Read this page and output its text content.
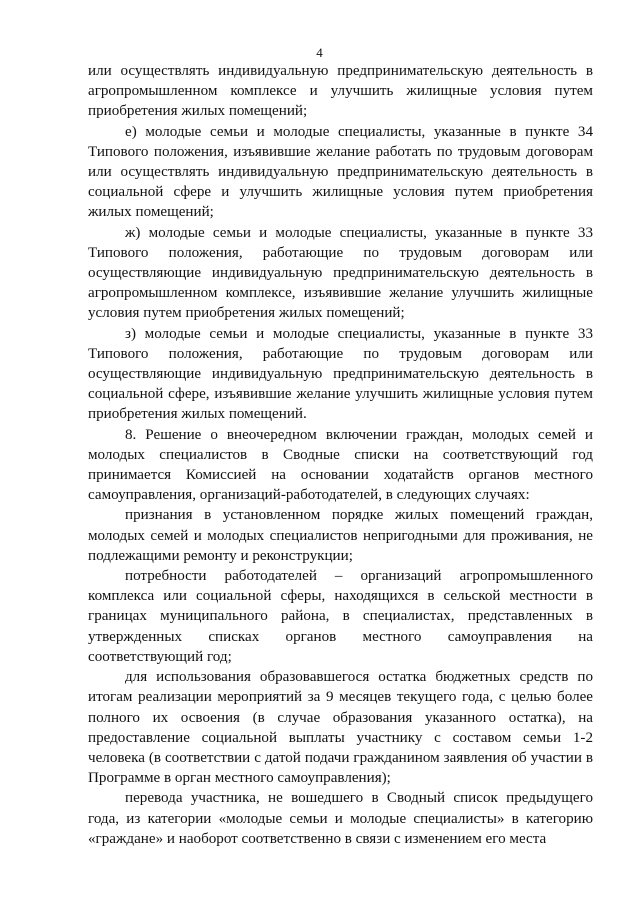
4

или осуществлять индивидуальную предпринимательскую деятельность в агропромышленном комплексе и улучшить жилищные условия путем приобретения жилых помещений;

е) молодые семьи и молодые специалисты, указанные в пункте 34 Типового положения, изъявившие желание работать по трудовым договорам или осуществлять индивидуальную предпринимательскую деятельность в социальной сфере и улучшить жилищные условия путем приобретения жилых помещений;

ж) молодые семьи и молодые специалисты, указанные в пункте 33 Типового положения, работающие по трудовым договорам или осуществляющие индивидуальную предпринимательскую деятельность в агропромышленном комплексе, изъявившие желание улучшить жилищные условия путем приобретения жилых помещений;

з) молодые семьи и молодые специалисты, указанные в пункте 33 Типового положения, работающие по трудовым договорам или осуществляющие индивидуальную предпринимательскую деятельность в социальной сфере, изъявившие желание улучшить жилищные условия путем приобретения жилых помещений.

8. Решение о внеочередном включении граждан, молодых семей и молодых специалистов в Сводные списки на соответствующий год принимается Комиссией на основании ходатайств органов местного самоуправления, организаций-работодателей, в следующих случаях:

признания в установленном порядке жилых помещений граждан, молодых семей и молодых специалистов непригодными для проживания, не подлежащими ремонту и реконструкции;

потребности работодателей – организаций агропромышленного комплекса или социальной сферы, находящихся в сельской местности в границах муниципального района, в специалистах, представленных в утвержденных списках органов местного самоуправления на соответствующий год;

для использования образовавшегося остатка бюджетных средств по итогам реализации мероприятий за 9 месяцев текущего года, с целью более полного их освоения (в случае образования указанного остатка), на предоставление социальной выплаты участнику с составом семьи 1-2 человека (в соответствии с датой подачи гражданином заявления об участии в Программе в орган местного самоуправления);

перевода участника, не вошедшего в Сводный список предыдущего года, из категории «молодые семьи и молодые специалисты» в категорию «граждане» и наоборот соответственно в связи с изменением его места
